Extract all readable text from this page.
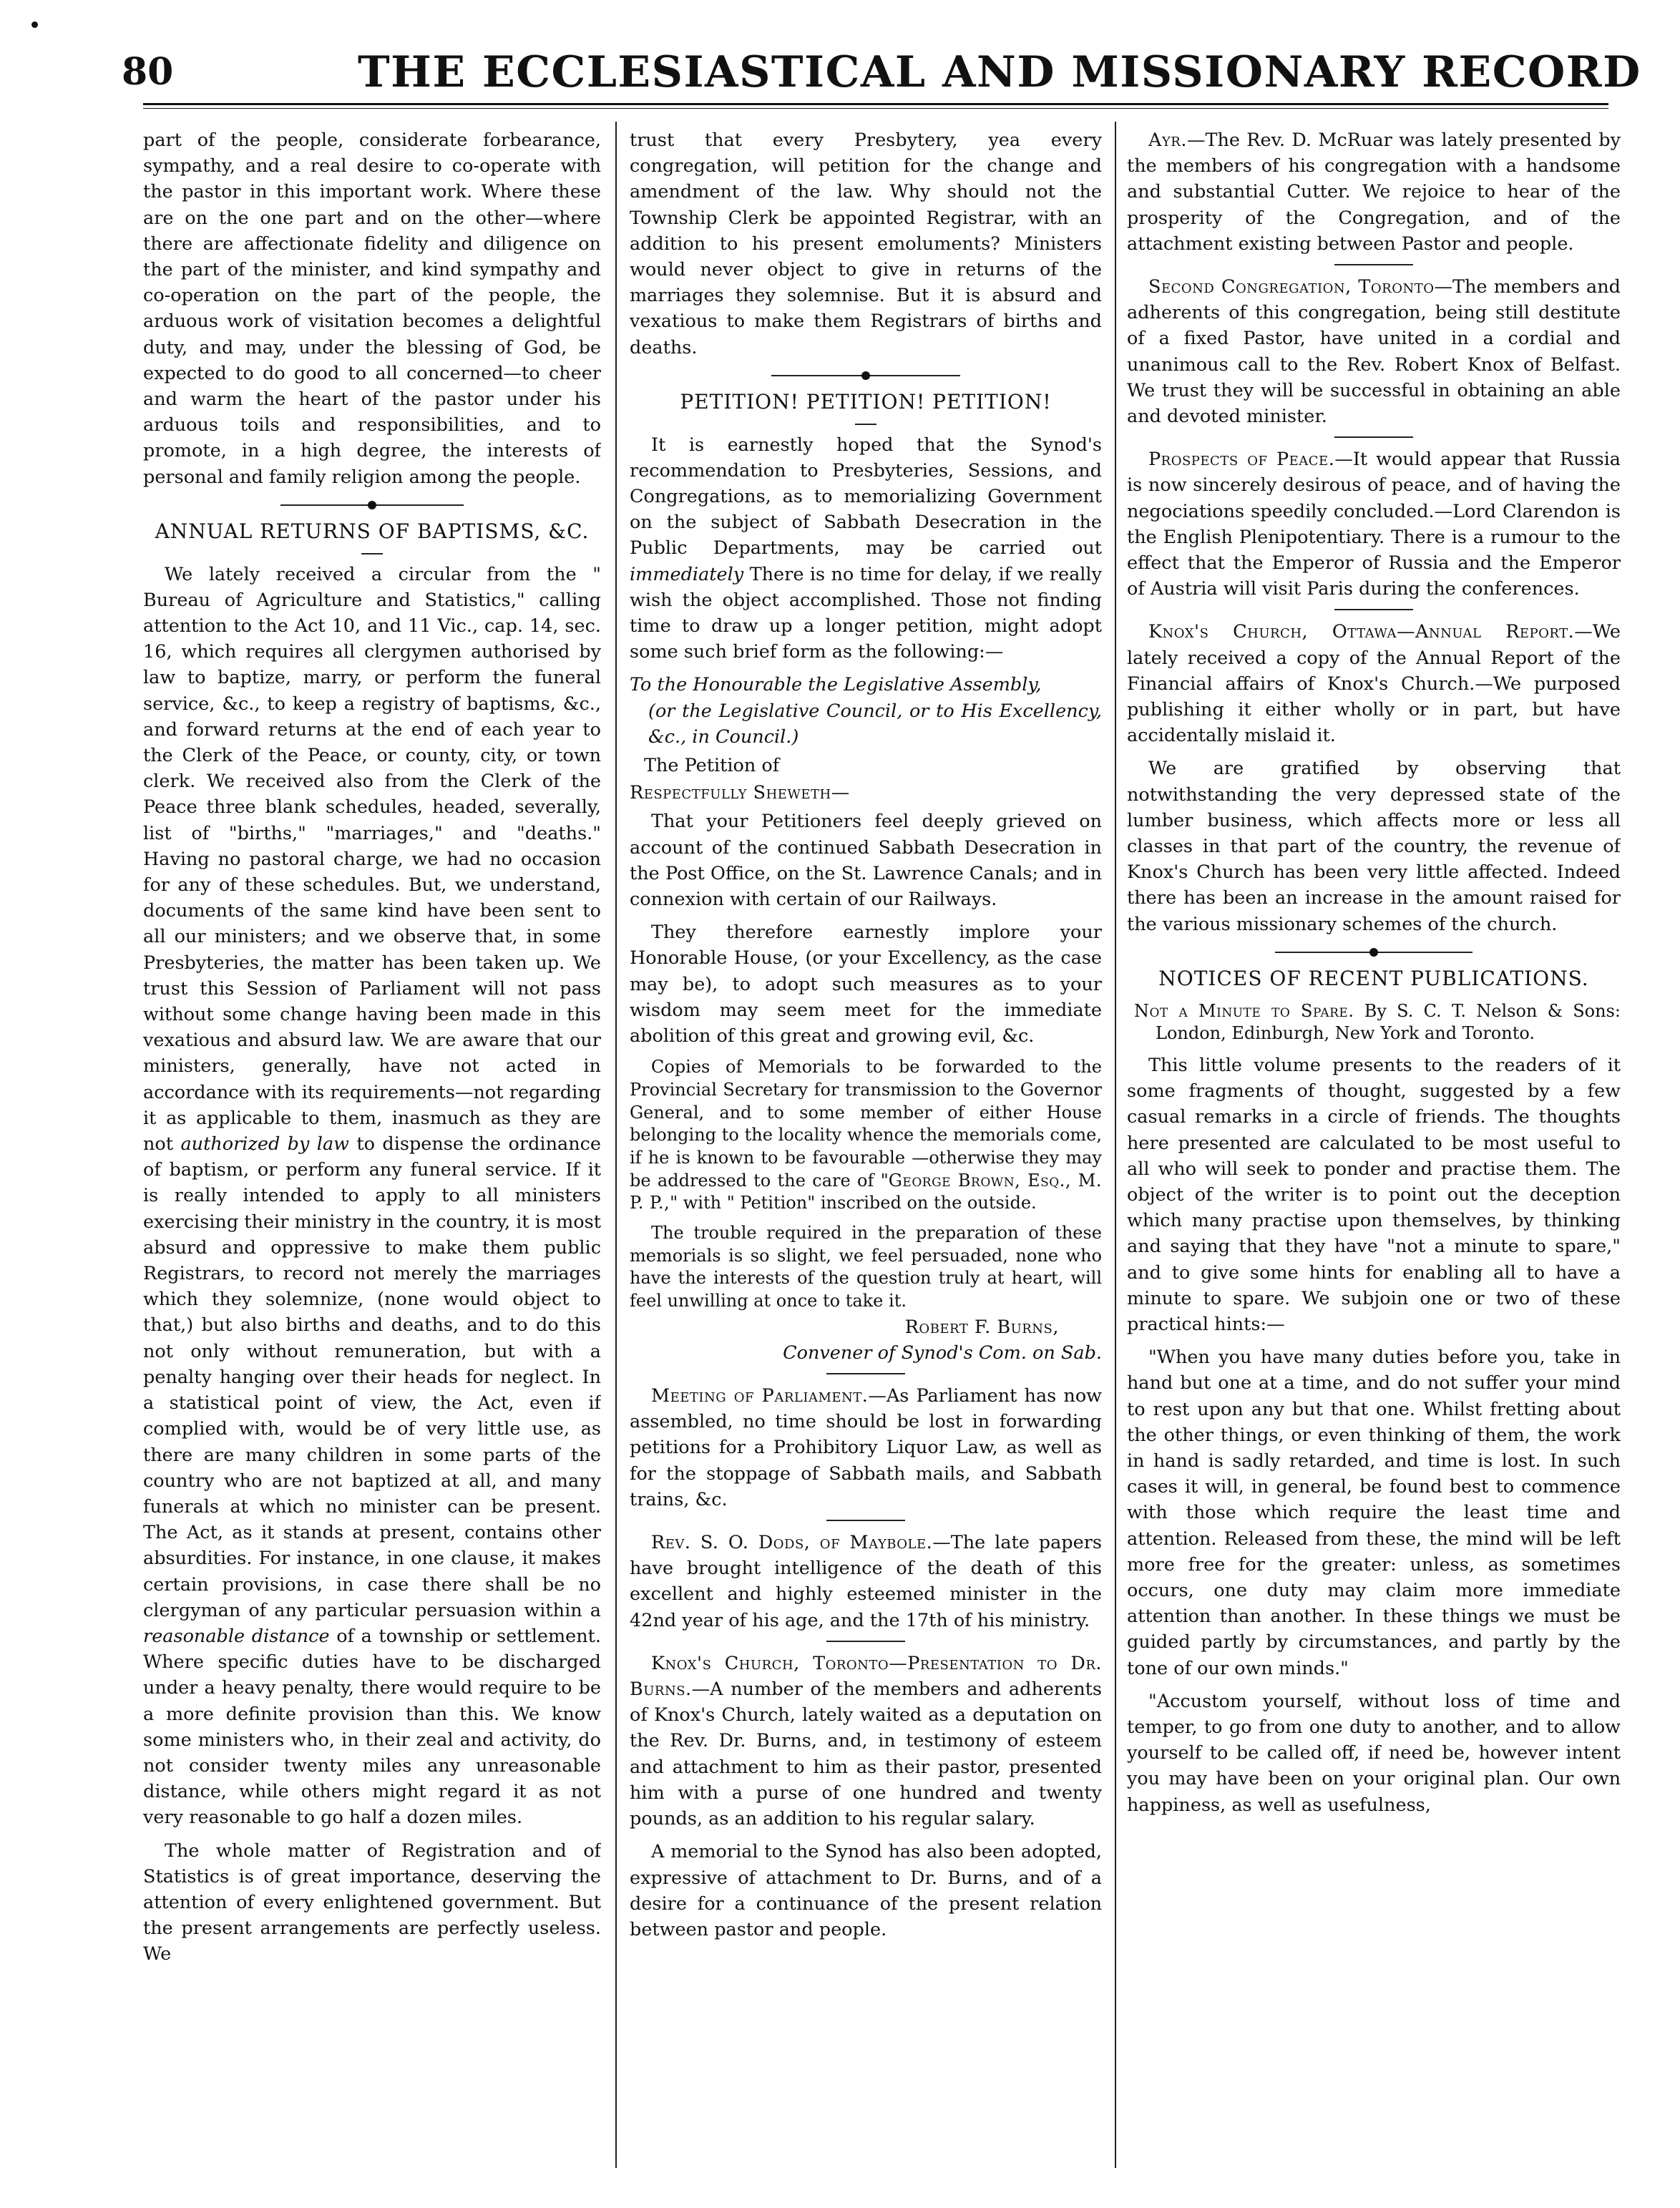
80	THE ECCLESIASTICAL AND MISSIONARY RECORD

part of the people, considerate forbearance, sympathy, and a real desire to co-operate with the pastor in this important work. Where these are on the one part and on the other—where there are affectionate fidelity and diligence on the part of the minister, and kind sympathy and co-operation on the part of the people, the arduous work of visitation becomes a delightful duty, and may, under the blessing of God, be expected to do good to all concerned—to cheer and warm the heart of the pastor under his arduous toils and responsibilities, and to promote, in a high degree, the interests of personal and family religion among the people.

ANNUAL RETURNS OF BAPTISMS, &C.

We lately received a circular from the " Bureau of Agriculture and Statistics," calling attention to the Act 10, and 11 Vic., cap. 14, sec. 16, which requires all clergymen authorised by law to baptize, marry, or perform the funeral service, &c., to keep a registry of baptisms, &c., and forward returns at the end of each year to the Clerk of the Peace, or county, city, or town clerk. We received also from the Clerk of the Peace three blank schedules, headed, severally, list of "births," "marriages," and "deaths." Having no pastoral charge, we had no occasion for any of these schedules. But, we understand, documents of the same kind have been sent to all our ministers; and we observe that, in some Presbyteries, the matter has been taken up. We trust this Session of Parliament will not pass without some change having been made in this vexatious and absurd law. We are aware that our ministers, generally, have not acted in accordance with its requirements—not regarding it as applicable to them, inasmuch as they are not authorized by law to dispense the ordinance of baptism, or perform any funeral service. If it is really intended to apply to all ministers exercising their ministry in the country, it is most absurd and oppressive to make them public Registrars, to record not merely the marriages which they solemnize, (none would object to that,) but also births and deaths, and to do this not only without remuneration, but with a penalty hanging over their heads for neglect. In a statistical point of view, the Act, even if complied with, would be of very little use, as there are many children in some parts of the country who are not baptized at all, and many funerals at which no minister can be present. The Act, as it stands at present, contains other absurdities. For instance, in one clause, it makes certain provisions, in case there shall be no clergyman of any particular persuasion within a reasonable distance of a township or settlement. Where specific duties have to be discharged under a heavy penalty, there would require to be a more definite provision than this. We know some ministers who, in their zeal and activity, do not consider twenty miles any unreasonable distance, while others might regard it as not very reasonable to go half a dozen miles.

The whole matter of Registration and of Statistics is of great importance, deserving the attention of every enlightened government. But the present arrangements are perfectly useless. We

trust that every Presbytery, yea every congregation, will petition for the change and amendment of the law. Why should not the Township Clerk be appointed Registrar, with an addition to his present emoluments? Ministers would never object to give in returns of the marriages they solemnise. But it is absurd and vexatious to make them Registrars of births and deaths.

PETITION! PETITION! PETITION!

It is earnestly hoped that the Synod's recommendation to Presbyteries, Sessions, and Congregations, as to memorializing Government on the subject of Sabbath Desecration in the Public Departments, may be carried out immediately There is no time for delay, if we really wish the object accomplished. Those not finding time to draw up a longer petition, might adopt some such brief form as the following:—

To the Honourable the Legislative Assembly,
(or the Legislative Council, or to His Excellency, &c., in Council.)

The Petition of

Respectfully Sheweth—

That your Petitioners feel deeply grieved on account of the continued Sabbath Desecration in the Post Office, on the St. Lawrence Canals; and in connexion with certain of our Railways.

They therefore earnestly implore your Honorable House, (or your Excellency, as the case may be), to adopt such measures as to your wisdom may seem meet for the immediate abolition of this great and growing evil, &c.

Copies of Memorials to be forwarded to the Provincial Secretary for transmission to the Governor General, and to some member of either House belonging to the locality whence the memorials come, if he is known to be favourable —otherwise they may be addressed to the care of "George Brown, Esq., M. P. P.," with " Petition" inscribed on the outside.

The trouble required in the preparation of these memorials is so slight, we feel persuaded, none who have the interests of the question truly at heart, will feel unwilling at once to take it.

Robert F. Burns,

Convener of Synod's Com. on Sab.

Meeting of Parliament.—As Parliament has now assembled, no time should be lost in forwarding petitions for a Prohibitory Liquor Law, as well as for the stoppage of Sabbath mails, and Sabbath trains, &c.

Rev. S. O. Dods, of Maybole.—The late papers have brought intelligence of the death of this excellent and highly esteemed minister in the 42nd year of his age, and the 17th of his ministry.

Knox's Church, Toronto—Presentation to Dr. Burns.—A number of the members and adherents of Knox's Church, lately waited as a deputation on the Rev. Dr. Burns, and, in testimony of esteem and attachment to him as their pastor, presented him with a purse of one hundred and twenty pounds, as an addition to his regular salary.

A memorial to the Synod has also been adopted, expressive of attachment to Dr. Burns, and of a desire for a continuance of the present relation between pastor and people.

Ayr.—The Rev. D. McRuar was lately presented by the members of his congregation with a handsome and substantial Cutter. We rejoice to hear of the prosperity of the Congregation, and of the attachment existing between Pastor and people.

Second Congregation, Toronto—The members and adherents of this congregation, being still destitute of a fixed Pastor, have united in a cordial and unanimous call to the Rev. Robert Knox of Belfast. We trust they will be successful in obtaining an able and devoted minister.

Prospects of Peace.—It would appear that Russia is now sincerely desirous of peace, and of having the negociations speedily concluded.—Lord Clarendon is the English Plenipotentiary. There is a rumour to the effect that the Emperor of Russia and the Emperor of Austria will visit Paris during the conferences.

Knox's Church, Ottawa—Annual Report.—We lately received a copy of the Annual Report of the Financial affairs of Knox's Church.—We purposed publishing it either wholly or in part, but have accidentally mislaid it.

We are gratified by observing that notwithstanding the very depressed state of the lumber business, which affects more or less all classes in that part of the country, the revenue of Knox's Church has been very little affected. Indeed there has been an increase in the amount raised for the various missionary schemes of the church.

NOTICES OF RECENT PUBLICATIONS.

Not a Minute to Spare. By S. C. T. Nelson & Sons: London, Edinburgh, New York and Toronto.

This little volume presents to the readers of it some fragments of thought, suggested by a few casual remarks in a circle of friends. The thoughts here presented are calculated to be most useful to all who will seek to ponder and practise them. The object of the writer is to point out the deception which many practise upon themselves, by thinking and saying that they have "not a minute to spare," and to give some hints for enabling all to have a minute to spare. We subjoin one or two of these practical hints:—

"When you have many duties before you, take in hand but one at a time, and do not suffer your mind to rest upon any but that one. Whilst fretting about the other things, or even thinking of them, the work in hand is sadly retarded, and time is lost. In such cases it will, in general, be found best to commence with those which require the least time and attention. Released from these, the mind will be left more free for the greater: unless, as sometimes occurs, one duty may claim more immediate attention than another. In these things we must be guided partly by circumstances, and partly by the tone of our own minds."

"Accustom yourself, without loss of time and temper, to go from one duty to another, and to allow yourself to be called off, if need be, however intent you may have been on your original plan. Our own happiness, as well as usefulness,
